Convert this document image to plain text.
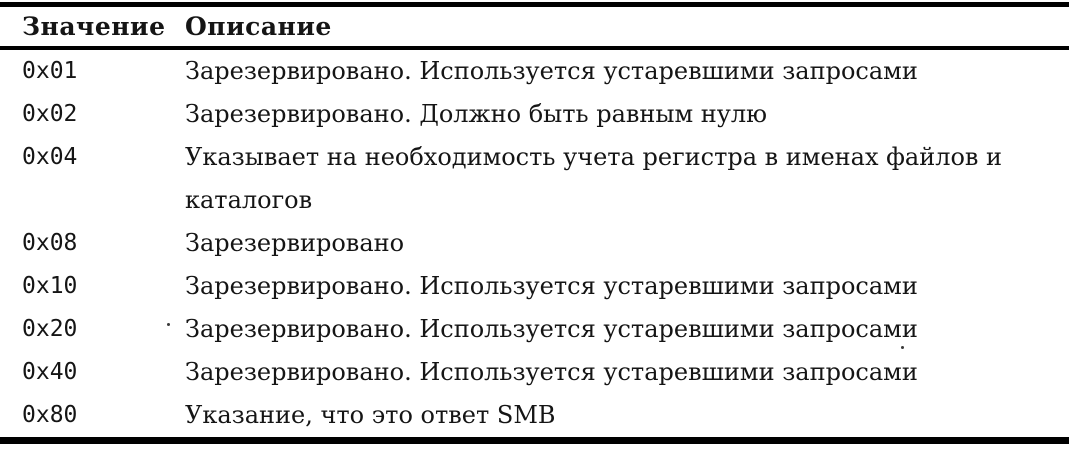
Значение Описание
0x01	Зарезервировано. Используется устаревшими запросами
0x02	Зарезервировано. Должно быть равным нулю
0x04	Указывает на необходимость учета регистра в именах файлов и каталогов
0x08	Зарезервировано
0x10	Зарезервировано. Используется устаревшими запросами
0x20	Зарезервировано. Используется устаревшими запросами
0x40	Зарезервировано. Используется устаревшими запросами
0x80	Указание, что это ответ SMB
